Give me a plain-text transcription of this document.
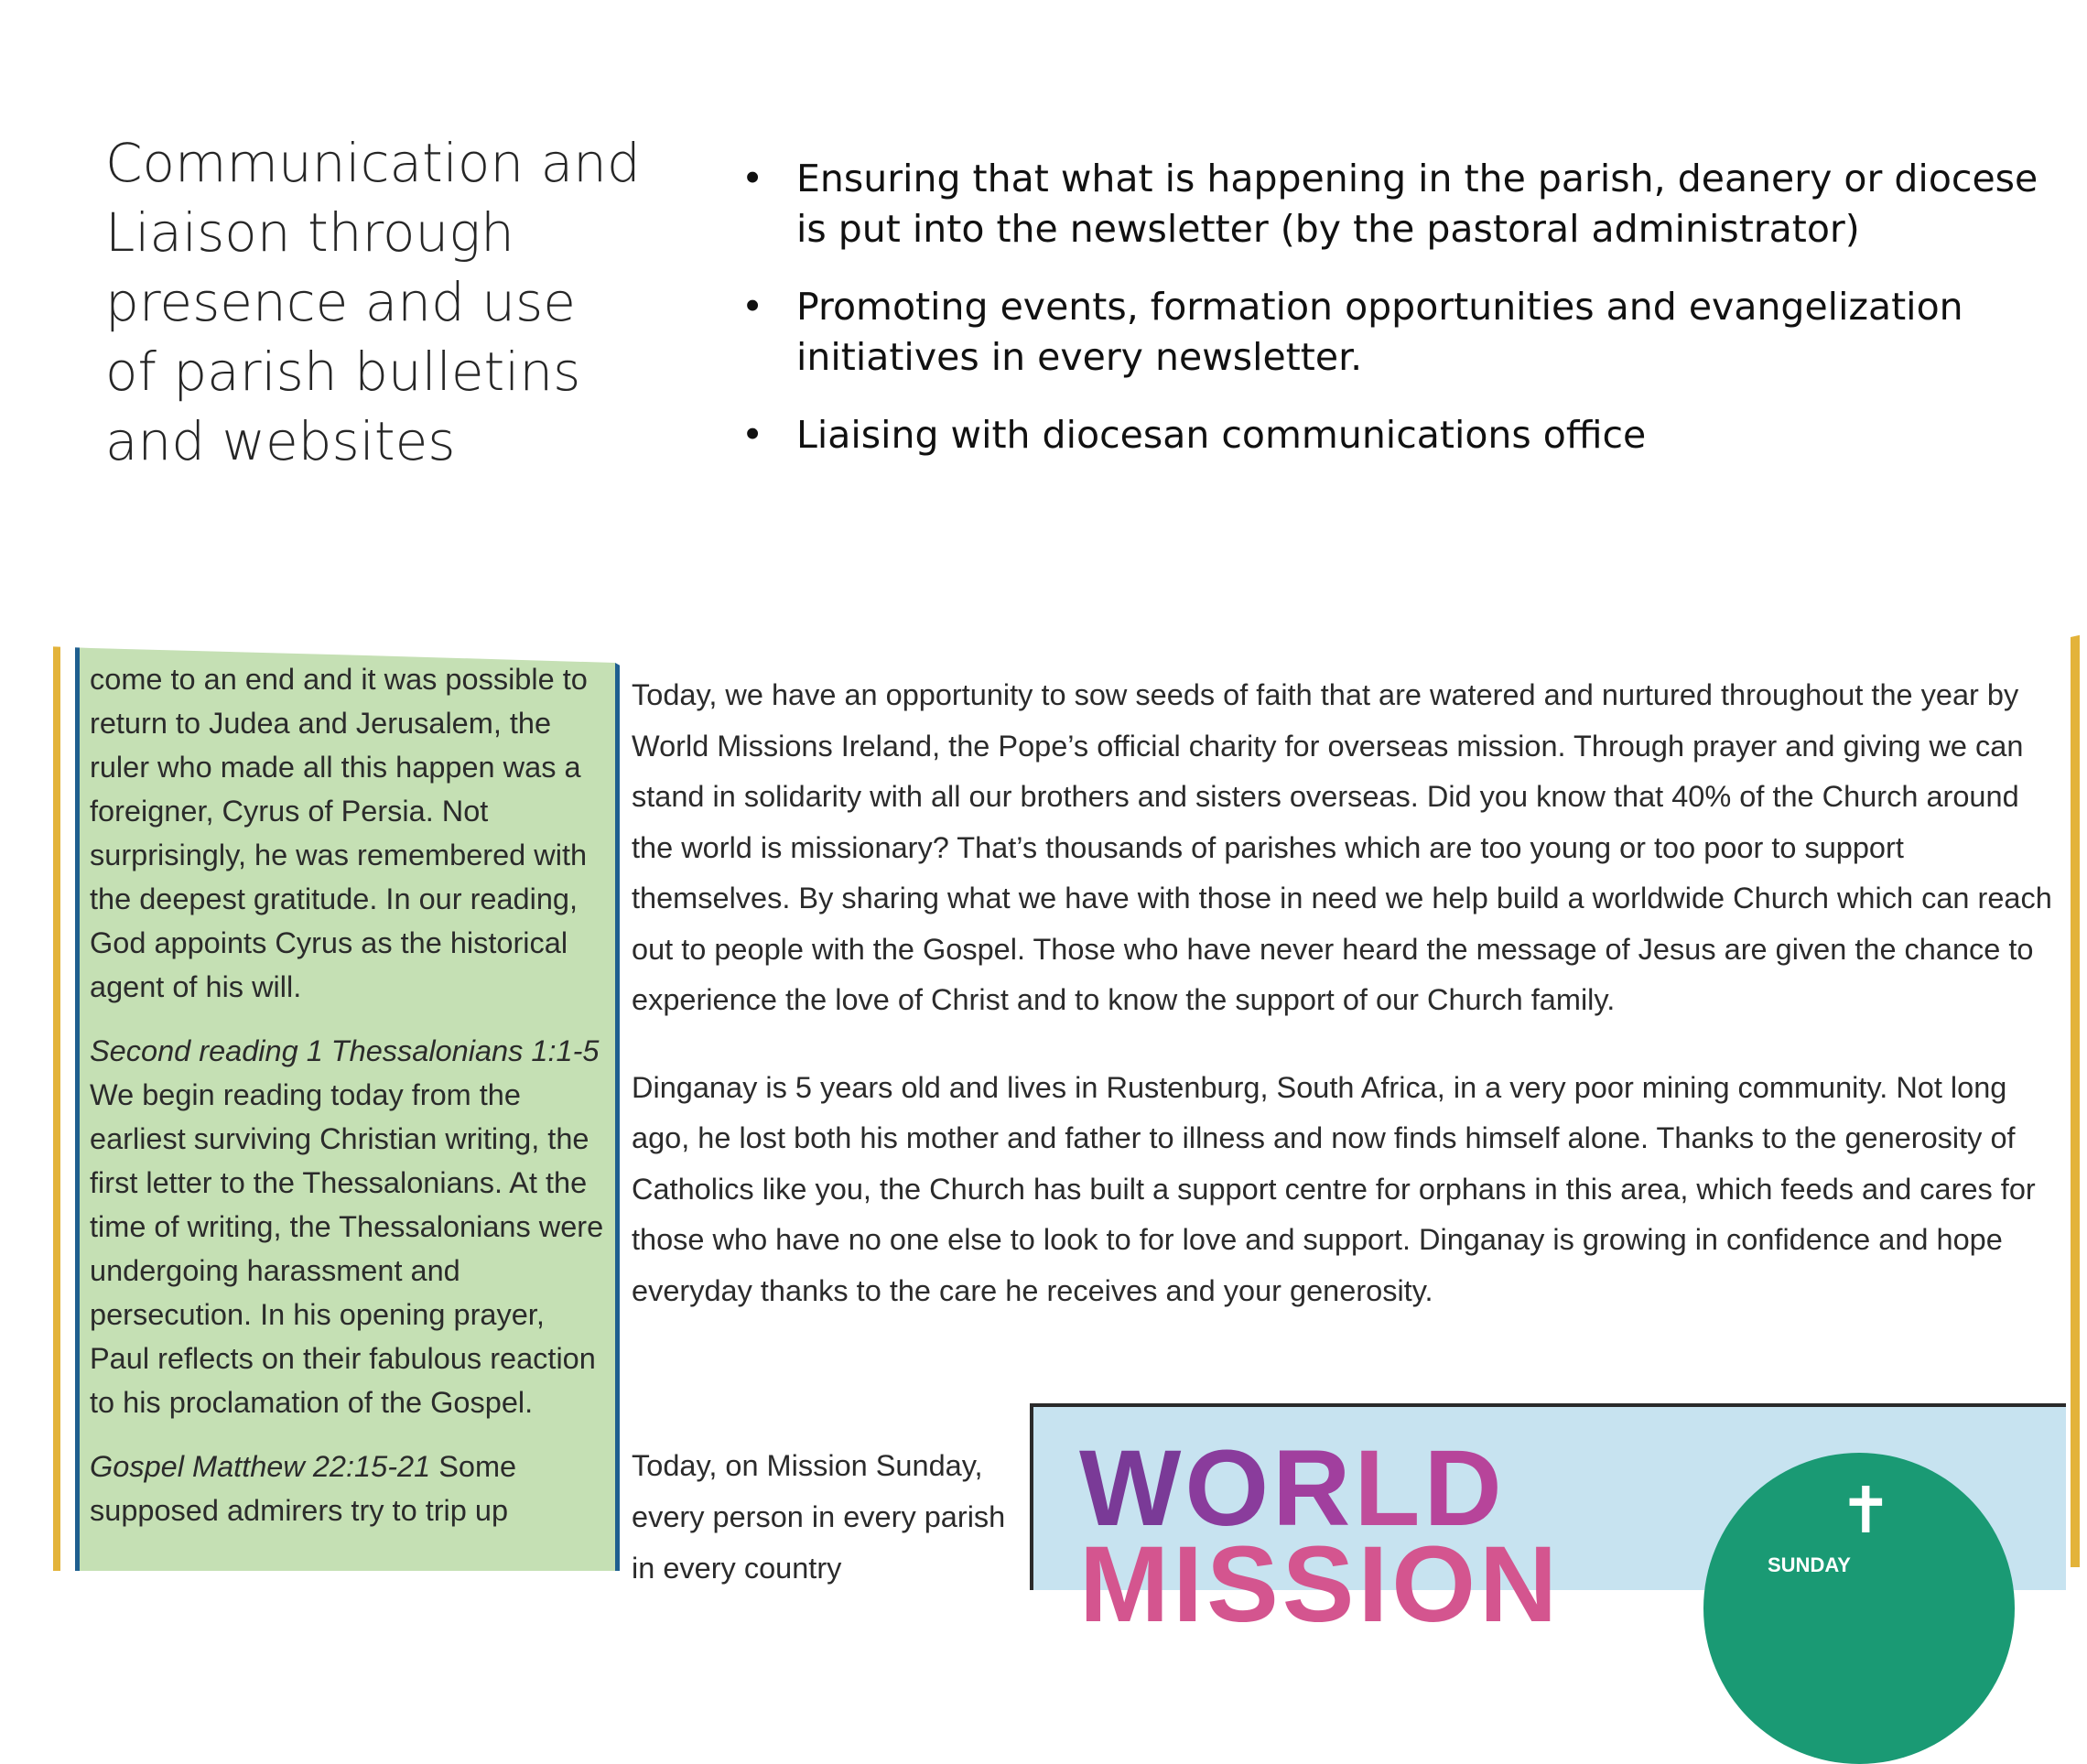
Communication and
Liaison through
presence and use
of parish bulletins
and websites
• Ensuring that what is happening in the parish, deanery or diocese is put into the newsletter (by the pastoral administrator)
• Promoting events, formation opportunities and evangelization initiatives in every newsletter.
• Liaising with diocesan communications office

come to an end and it was possible to return to Judea and Jerusalem, the ruler who made all this happen was a foreigner, Cyrus of Persia. Not surprisingly, he was remembered with the deepest gratitude. In our reading, God appoints Cyrus as the historical agent of his will.

Second reading 1 Thessalonians 1:1-5 We begin reading today from the earliest surviving Christian writing, the first letter to the Thessalonians. At the time of writing, the Thessalonians were undergoing harassment and persecution. In his opening prayer, Paul reflects on their fabulous reaction to his proclamation of the Gospel.

Gospel Matthew 22:15-21 Some supposed admirers try to trip up

Today, we have an opportunity to sow seeds of faith that are watered and nurtured throughout the year by World Missions Ireland, the Pope’s official charity for overseas mission. Through prayer and giving we can stand in solidarity with all our brothers and sisters overseas. Did you know that 40% of the Church around the world is missionary? That’s thousands of parishes which are too young or too poor to support themselves. By sharing what we have with those in need we help build a worldwide Church which can reach out to people with the Gospel. Those who have never heard the message of Jesus are given the chance to experience the love of Christ and to know the support of our Church family.

Dinganay is 5 years old and lives in Rustenburg, South Africa, in a very poor mining community. Not long ago, he lost both his mother and father to illness and now finds himself alone. Thanks to the generosity of Catholics like you, the Church has built a support centre for orphans in this area, which feeds and cares for those who have no one else to look to for love and support. Dinganay is growing in confidence and hope everyday thanks to the care he receives and your generosity.

Today, on Mission Sunday, every person in every parish in every country
WORLD
MISSION
✝
SUNDAY
